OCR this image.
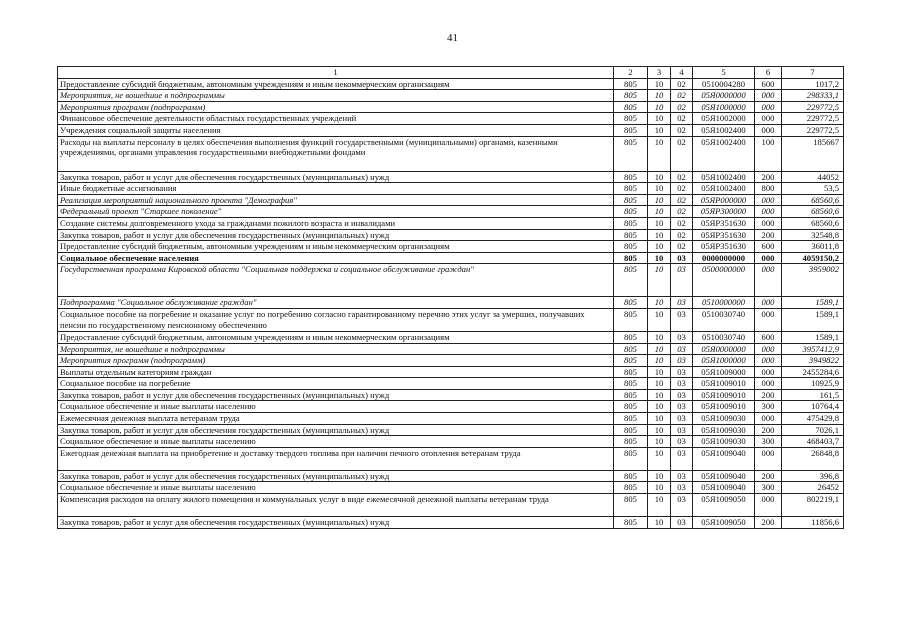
41
1	2	3	4	5	6	7
Предоставление субсидий бюджетным, автономным учреждениям и иным некоммерческим организациям	805	10	02	0510004280	600	1017,2
Мероприятия, не вошедшие в подпрограммы	805	10	02	05Я0000000	000	298333,1
Мероприятия программ (подпрограмм)	805	10	02	05Я1000000	000	229772,5
Финансовое обеспечение деятельности областных государственных учреждений	805	10	02	05Я1002000	000	229772,5
Учреждения социальной защиты населения	805	10	02	05Я1002400	000	229772,5
Расходы на выплаты персоналу в целях обеспечения выполнения функций государственными (муниципальными) органами, казенными учреждениями, органами управления государственными внебюджетными фондами	805	10	02	05Я1002400	100	185667
Закупка товаров, работ и услуг для обеспечения государственных (муниципальных) нужд	805	10	02	05Я1002400	200	44052
Иные бюджетные ассигнования	805	10	02	05Я1002400	800	53,5
Реализация мероприятий национального проекта "Демография"	805	10	02	05ЯP000000	000	68560,6
Федеральный проект "Старшее поколение"	805	10	02	05ЯP300000	000	68560,6
Создание системы долговременного ухода за гражданами пожилого возраста и инвалидами	805	10	02	05ЯP351630	000	68560,6
Закупка товаров, работ и услуг для обеспечения государственных (муниципальных) нужд	805	10	02	05ЯP351630	200	32548,8
Предоставление субсидий бюджетным, автономным учреждениям и иным некоммерческим организациям	805	10	02	05ЯP351630	600	36011,8
Социальное обеспечение населения	805	10	03	0000000000	000	4059150,2
Государственная программа Кировской области "Социальная поддержка и социальное обслуживание граждан"	805	10	03	0500000000	000	3959002
Подпрограмма "Социальное обслуживание граждан"	805	10	03	0510000000	000	1589,1
Социальное пособие на погребение и оказание услуг по погребению согласно гарантированному перечню этих услуг за умерших, получавших пенсии по государственному пенсионному обеспечению	805	10	03	0510030740	000	1589,1
Предоставление субсидий бюджетным, автономным учреждениям и иным некоммерческим организациям	805	10	03	0510030740	600	1589,1
Мероприятия, не вошедшие в подпрограммы	805	10	03	05Я0000000	000	3957412,9
Мероприятия программ (подпрограмм)	805	10	03	05Я1000000	000	3949822
Выплаты отдельным категориям граждан	805	10	03	05Я1009000	000	2455284,6
Социальное пособие на погребение	805	10	03	05Я1009010	000	10925,9
Закупка товаров, работ и услуг для обеспечения государственных (муниципальных) нужд	805	10	03	05Я1009010	200	161,5
Социальное обеспечение и иные выплаты населению	805	10	03	05Я1009010	300	10764,4
Ежемесячная денежная выплата ветеранам труда	805	10	03	05Я1009030	000	475429,8
Закупка товаров, работ и услуг для обеспечения государственных (муниципальных) нужд	805	10	03	05Я1009030	200	7026,1
Социальное обеспечение и иные выплаты населению	805	10	03	05Я1009030	300	468403,7
Ежегодная денежная выплата на приобретение и доставку твердого топлива при наличии печного отопления ветеранам труда	805	10	03	05Я1009040	000	26848,8
Закупка товаров, работ и услуг для обеспечения государственных (муниципальных) нужд	805	10	03	05Я1009040	200	396,8
Социальное обеспечение и иные выплаты населению	805	10	03	05Я1009040	300	26452
Компенсация расходов на оплату жилого помещения и коммунальных услуг в виде ежемесячной денежной выплаты ветеранам труда	805	10	03	05Я1009050	000	802219,1
Закупка товаров, работ и услуг для обеспечения государственных (муниципальных) нужд	805	10	03	05Я1009050	200	11856,6
